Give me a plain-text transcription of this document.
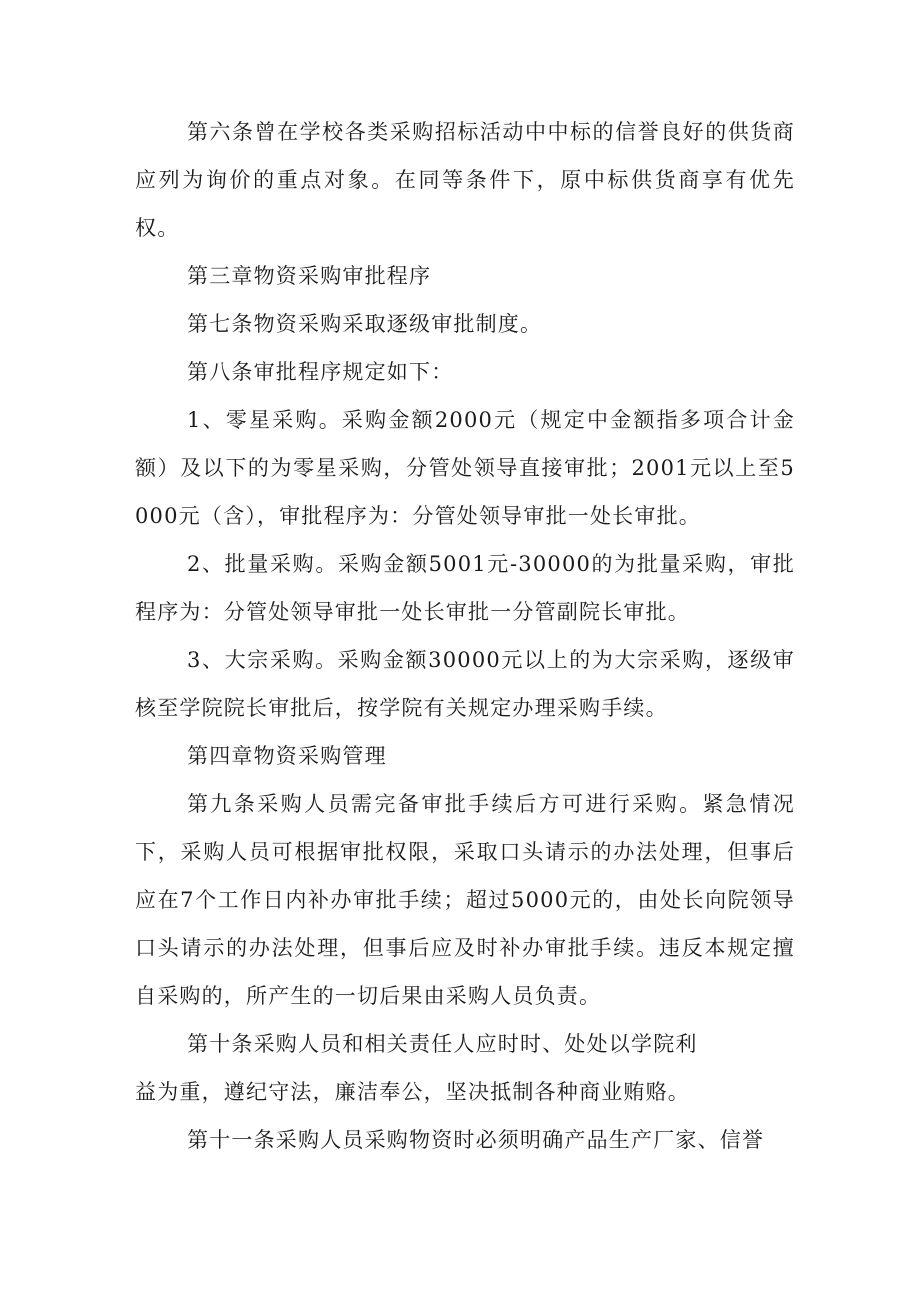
第六条曾在学校各类采购招标活动中中标的信誉良好的供货商应列为询价的重点对象。在同等条件下，原中标供货商享有优先权。

第三章物资采购审批程序

第七条物资采购采取逐级审批制度。

第八条审批程序规定如下：

1、零星采购。采购金额2000元（规定中金额指多项合计金额）及以下的为零星采购，分管处领导直接审批；2001元以上至5000元（含），审批程序为：分管处领导审批一处长审批。

2、批量采购。采购金额5001元-30000的为批量采购，审批程序为：分管处领导审批一处长审批一分管副院长审批。

3、大宗采购。采购金额30000元以上的为大宗采购，逐级审核至学院院长审批后，按学院有关规定办理采购手续。

第四章物资采购管理

第九条采购人员需完备审批手续后方可进行采购。紧急情况下，采购人员可根据审批权限，采取口头请示的办法处理，但事后应在7个工作日内补办审批手续；超过5000元的，由处长向院领导口头请示的办法处理，但事后应及时补办审批手续。违反本规定擅自采购的，所产生的一切后果由采购人员负责。

第十条采购人员和相关责任人应时时、处处以学院利

益为重，遵纪守法，廉洁奉公，坚决抵制各种商业贿赂。

第十一条采购人员采购物资时必须明确产品生产厂家、信誉
